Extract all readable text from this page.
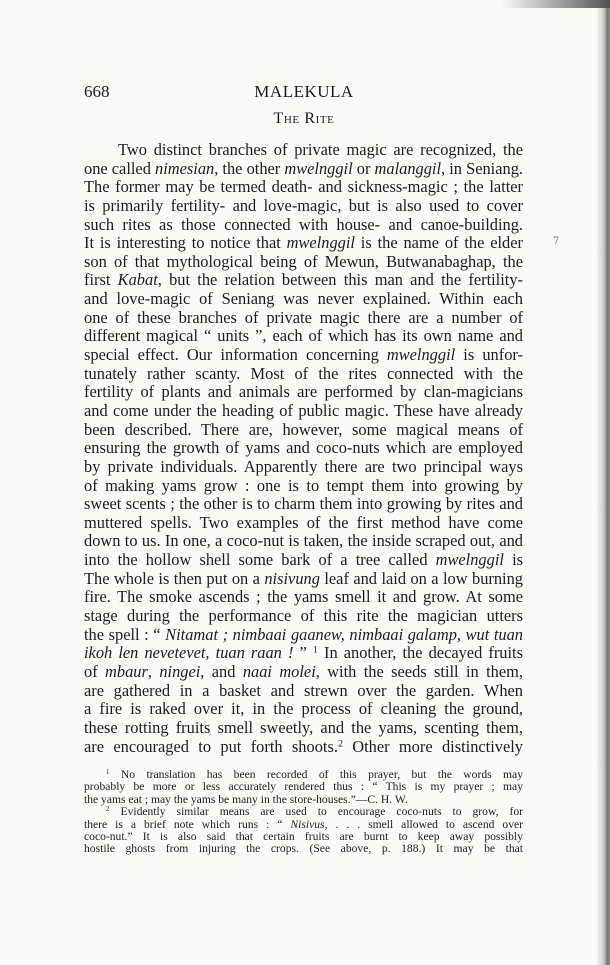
7
668	MALEKULA
The Rite
Two distinct branches of private magic are recognized, the
one called nimesian, the other mwelnggil or malanggil, in Seniang.
The former may be termed death- and sickness-magic ; the latter
is primarily fertility- and love-magic, but is also used to cover
such rites as those connected with house- and canoe-building.
It is interesting to notice that mwelnggil is the name of the elder
son of that mythological being of Mewun, Butwanabaghap, the
first Kabat, but the relation between this man and the fertility-
and love-magic of Seniang was never explained. Within each
one of these branches of private magic there are a number of
different magical “ units ”, each of which has its own name and
special effect. Our information concerning mwelnggil is unfor-
tunately rather scanty. Most of the rites connected with the
fertility of plants and animals are performed by clan-magicians
and come under the heading of public magic. These have already
been described. There are, however, some magical means of
ensuring the growth of yams and coco-nuts which are employed
by private individuals. Apparently there are two principal ways
of making yams grow : one is to tempt them into growing by
sweet scents ; the other is to charm them into growing by rites and
muttered spells. Two examples of the first method have come
down to us. In one, a coco-nut is taken, the inside scraped out, and
into the hollow shell some bark of a tree called mwelnggil is
The whole is then put on a nisivung leaf and laid on a low burning
fire. The smoke ascends ; the yams smell it and grow. At some
stage during the performance of this rite the magician utters
the spell : “ Nitamat ; nimbaai gaanew, nimbaai galamp, wut tuan
ikoh len nevetevet, tuan raan ! ” $^1$ In another, the decayed fruits
of mbaur, ningei, and naai molei, with the seeds still in them,
are gathered in a basket and strewn over the garden. When
a fire is raked over it, in the process of cleaning the ground,
these rotting fruits smell sweetly, and the yams, scenting them,
are encouraged to put forth shoots.$^2$ Other more distinctively
$^1$ No translation has been recorded of this prayer, but the words may
probably be more or less accurately rendered thus : “ This is my prayer ; may
the yams eat ; may the yams be many in the store-houses.”—C. H. W.
$^2$ Evidently similar means are used to encourage coco-nuts to grow, for
there is a brief note which runs : “ Nisivus, . . . smell allowed to ascend over
coco-nut.” It is also said that certain fruits are burnt to keep away possibly
hostile ghosts from injuring the crops. (See above, p. 188.) It may be that
